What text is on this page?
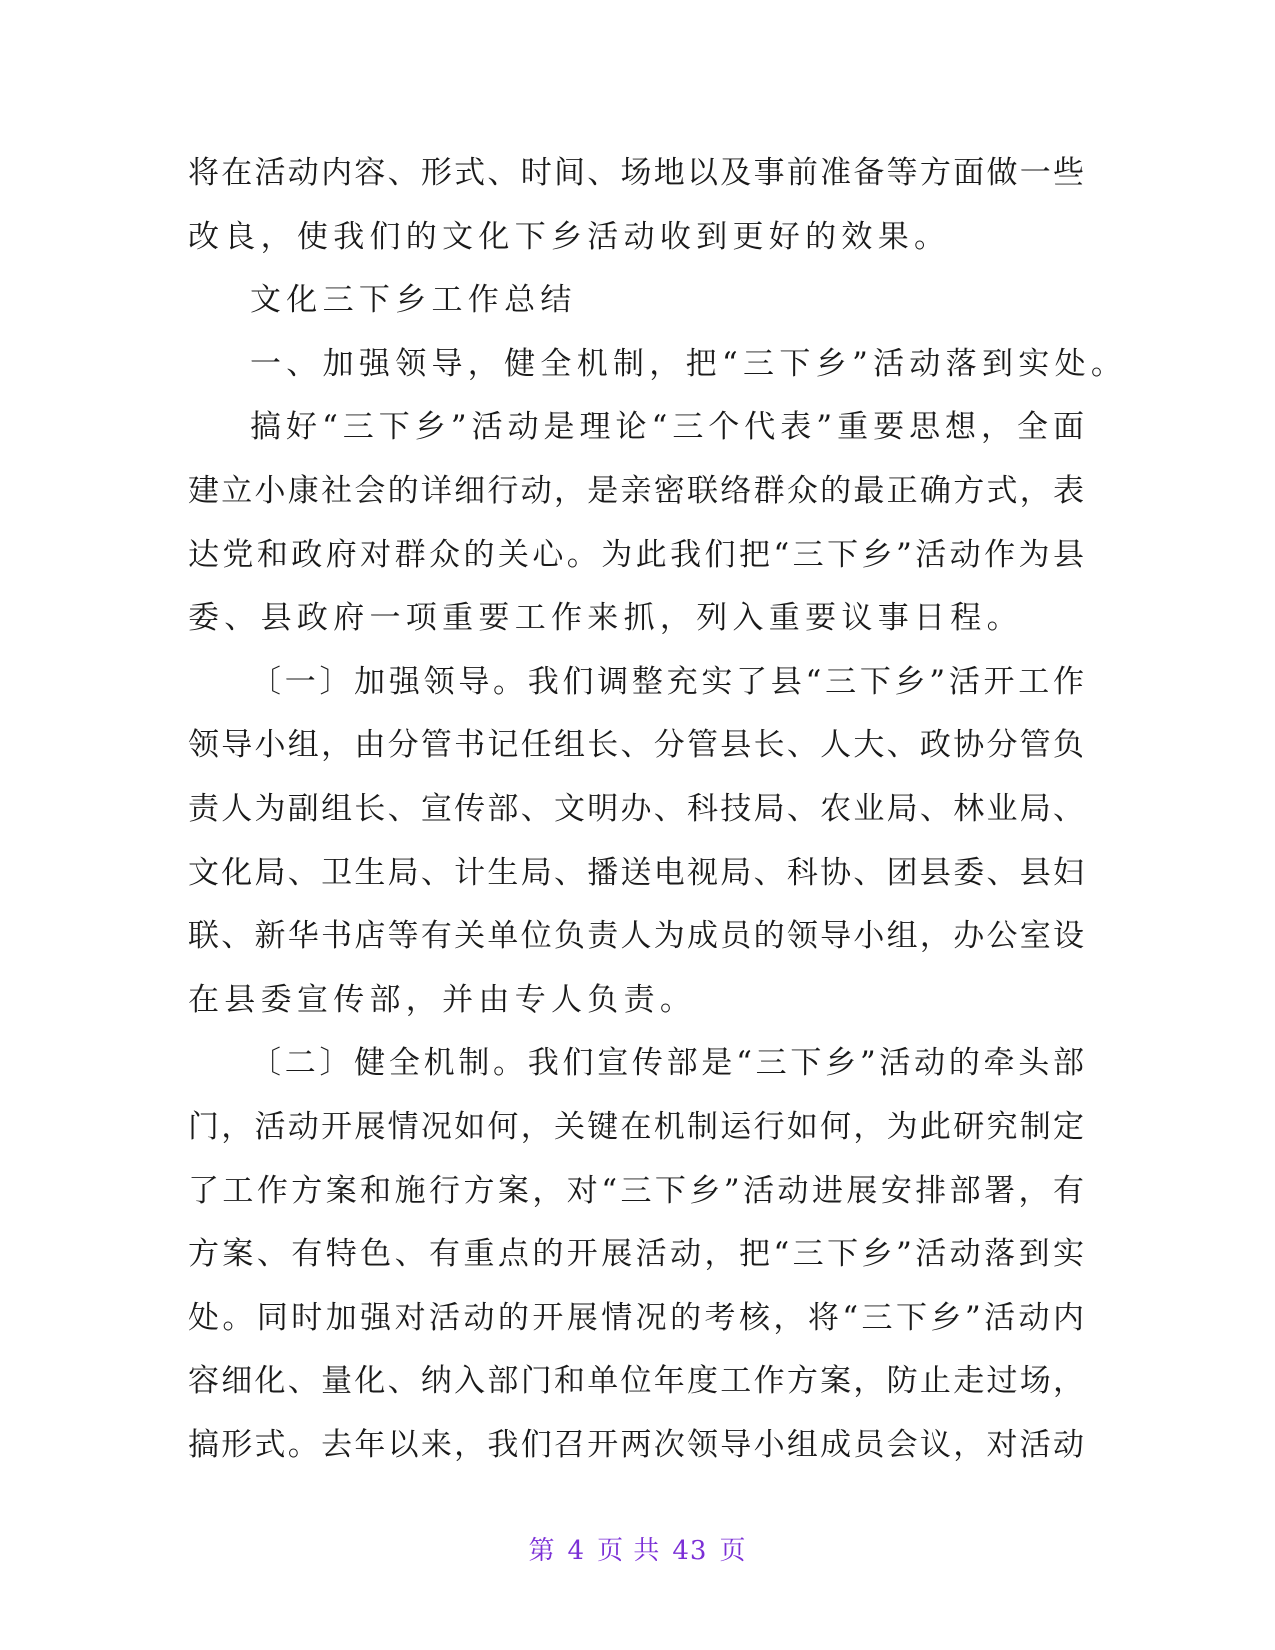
将在活动内容、形式、时间、场地以及事前准备等方面做一些
改良，使我们的文化下乡活动收到更好的效果。
文化三下乡工作总结
一、加强领导，健全机制，把“三下乡”活动落到实处。
搞好“三下乡”活动是理论“三个代表”重要思想，全面
建立小康社会的详细行动，是亲密联络群众的最正确方式，表
达党和政府对群众的关心。为此我们把“三下乡”活动作为县
委、县政府一项重要工作来抓，列入重要议事日程。
〔一〕加强领导。我们调整充实了县“三下乡”活开工作
领导小组，由分管书记任组长、分管县长、人大、政协分管负
责人为副组长、宣传部、文明办、科技局、农业局、林业局、
文化局、卫生局、计生局、播送电视局、科协、团县委、县妇
联、新华书店等有关单位负责人为成员的领导小组，办公室设
在县委宣传部，并由专人负责。
〔二〕健全机制。我们宣传部是“三下乡”活动的牵头部
门，活动开展情况如何，关键在机制运行如何，为此研究制定
了工作方案和施行方案，对“三下乡”活动进展安排部署，有
方案、有特色、有重点的开展活动，把“三下乡”活动落到实
处。同时加强对活动的开展情况的考核，将“三下乡”活动内
容细化、量化、纳入部门和单位年度工作方案，防止走过场，
搞形式。去年以来，我们召开两次领导小组成员会议，对活动
第 4 页 共 43 页
